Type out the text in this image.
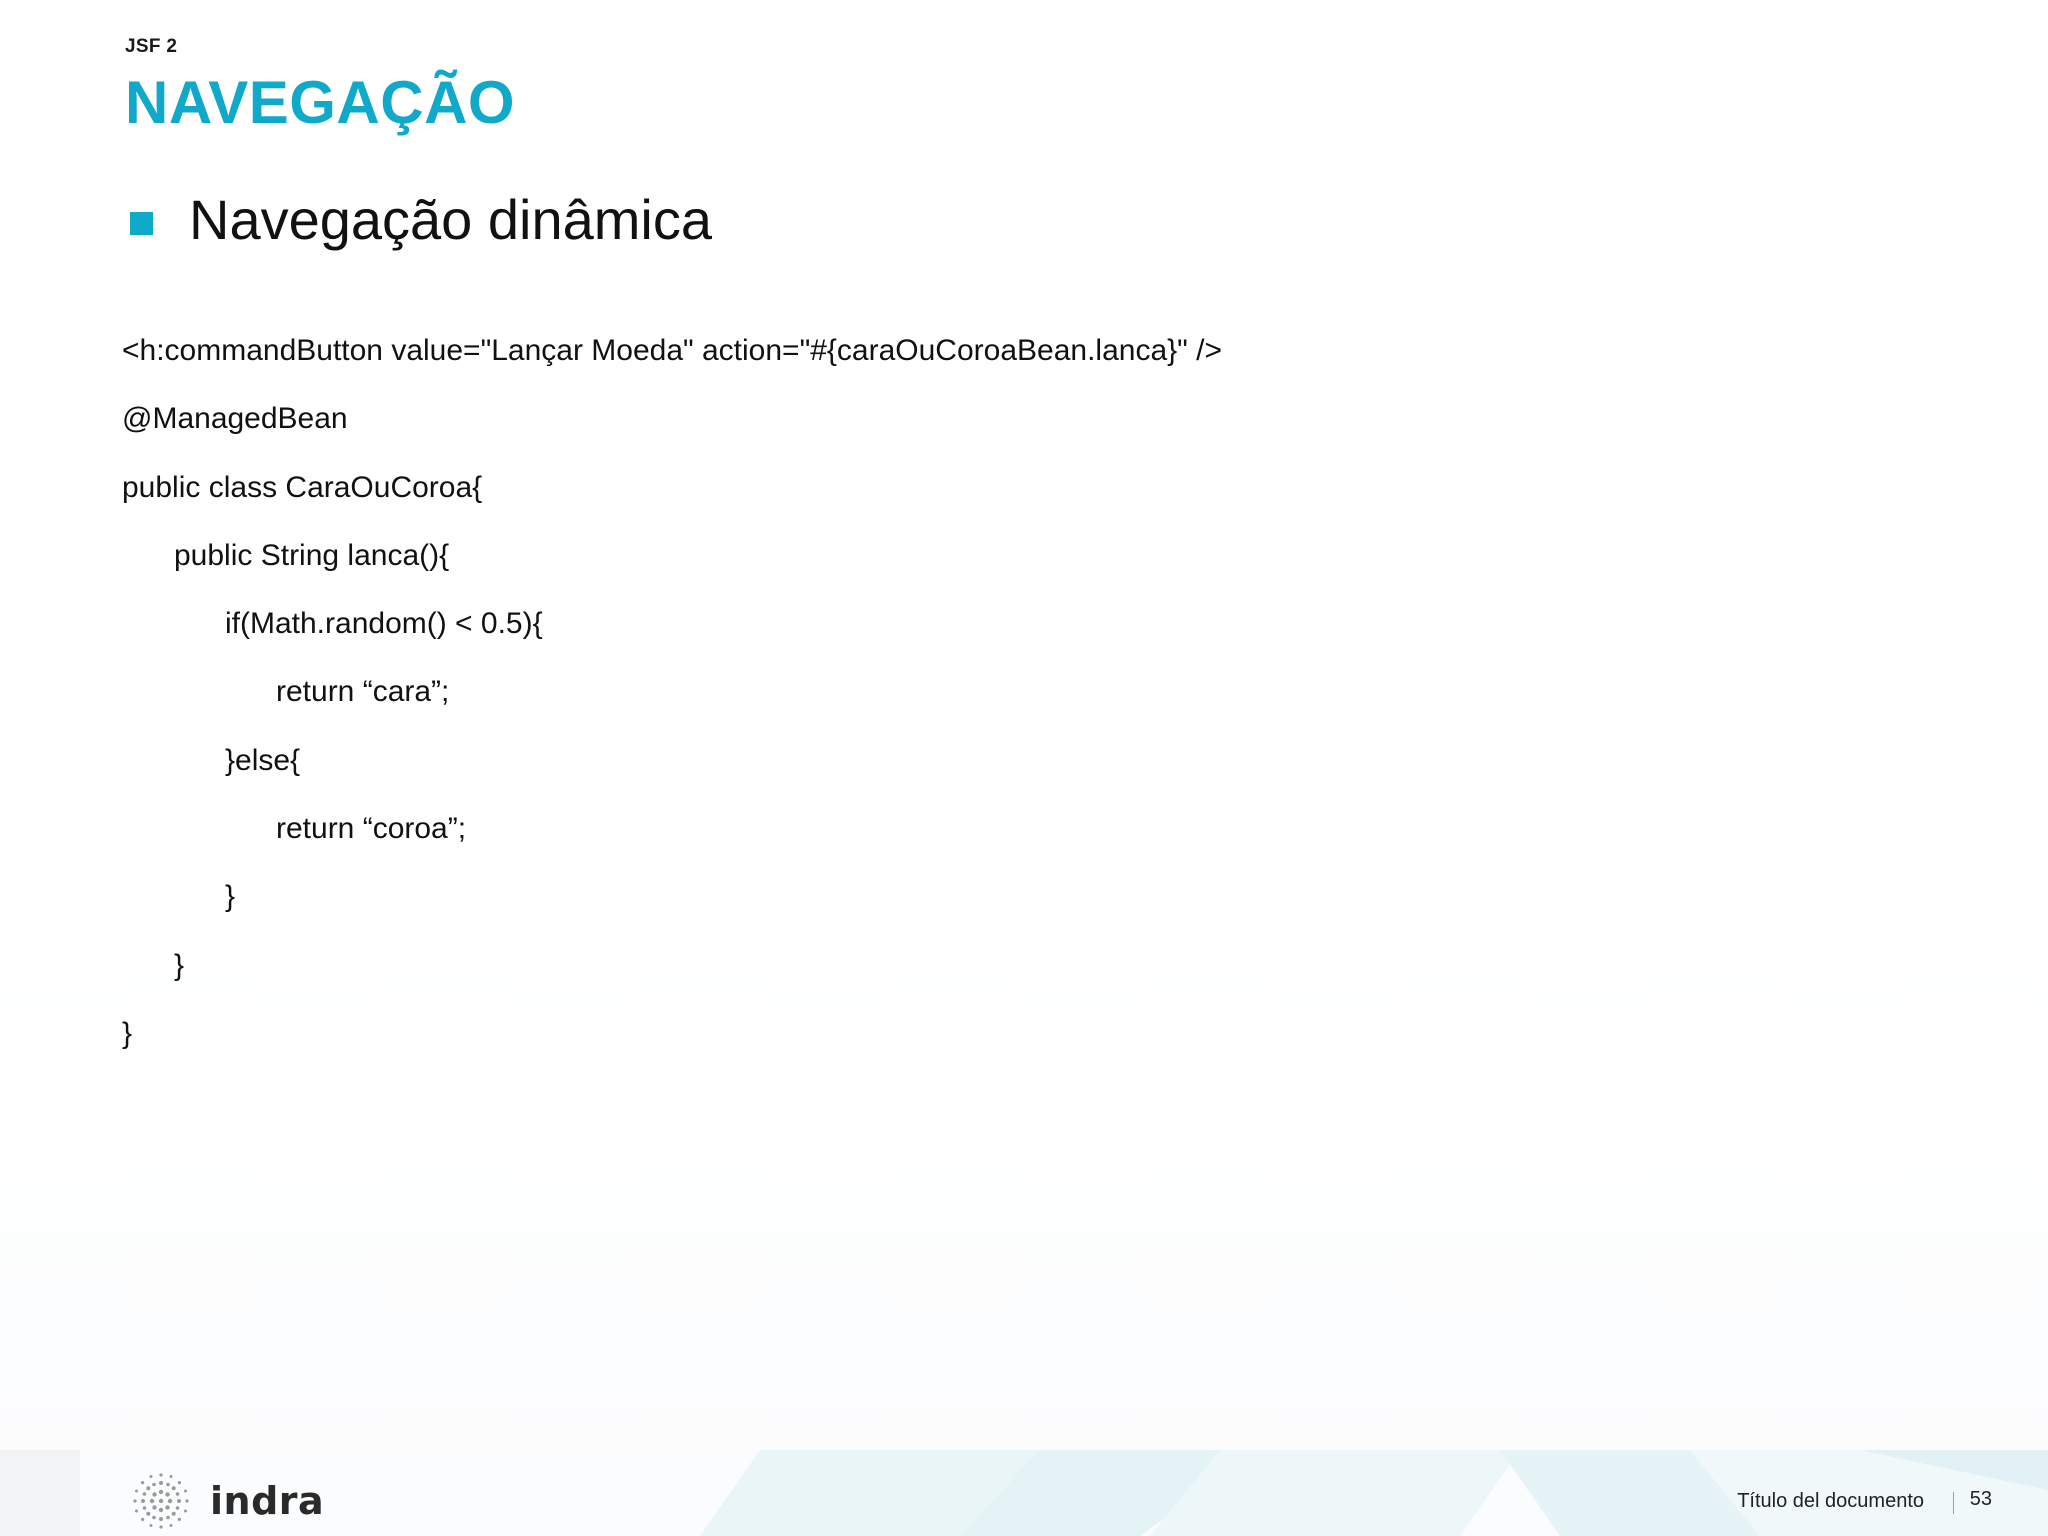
JSF 2
NAVEGAÇÃO
Navegação dinâmica
<h:commandButton value="Lançar Moeda" action="#{caraOuCoroaBean.lanca}" />
@ManagedBean
public class CaraOuCoroa{
public String lanca(){
if(Math.random() < 0.5){
return “cara”;
}else{
return “coroa”;
}
}
}
indra	Título del documento 53
